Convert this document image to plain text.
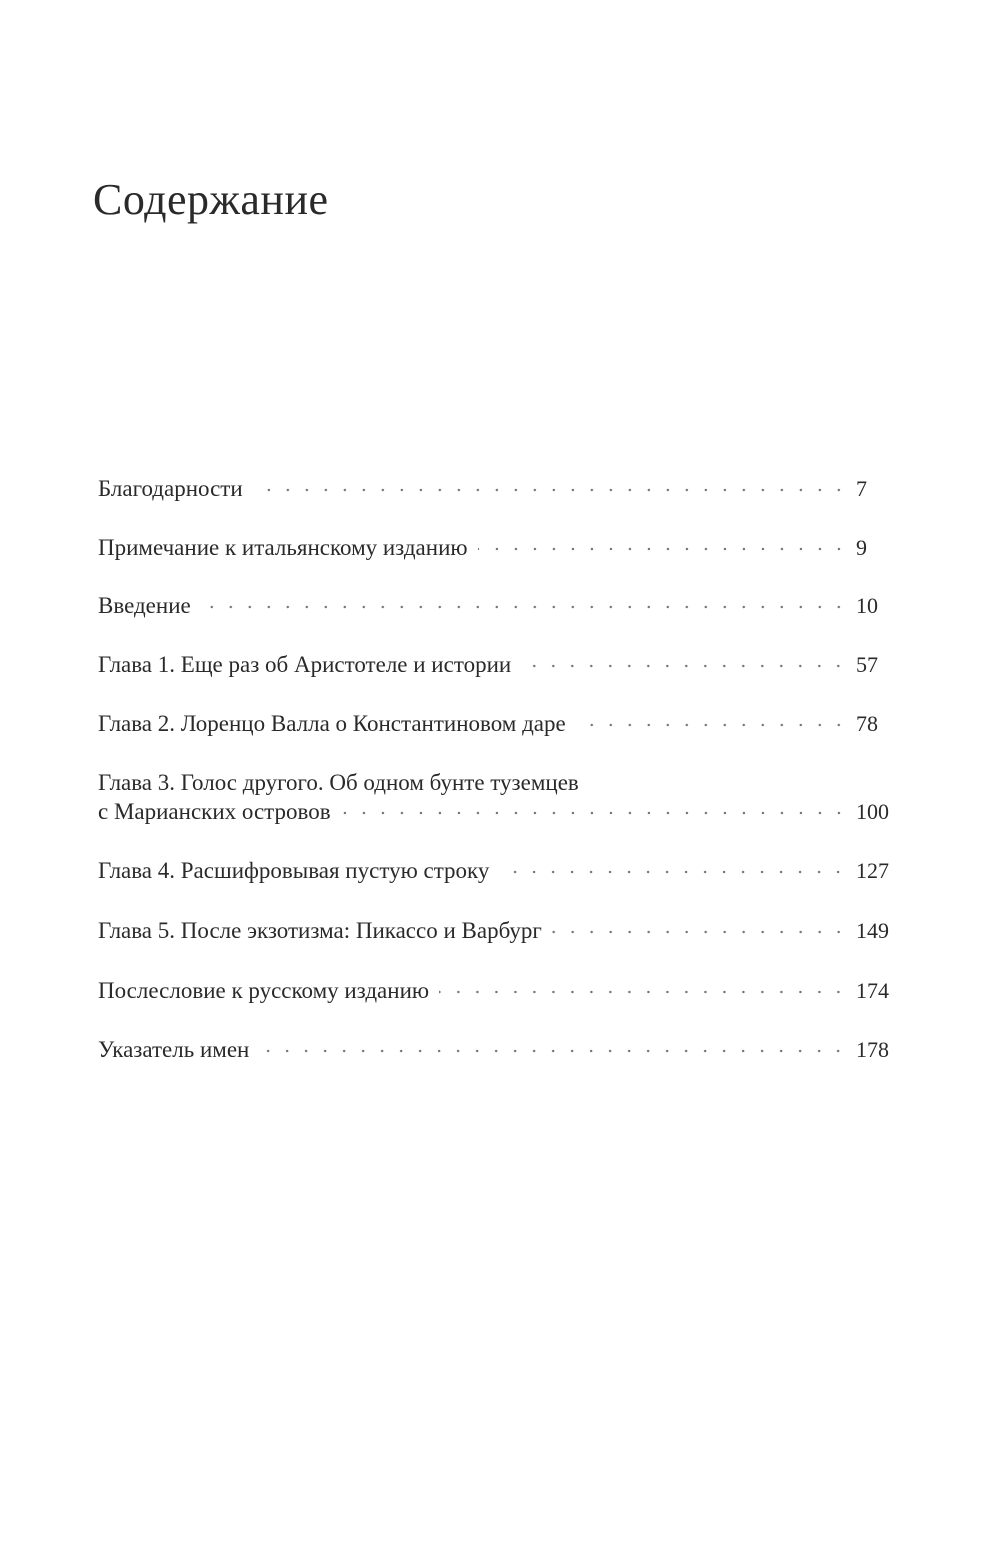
Содержание
Благодарности	7
Примечание к итальянскому изданию	9
Введение	10
Глава 1. Еще раз об Аристотеле и истории	57
Глава 2. Лоренцо Валла о Константиновом даре	78
Глава 3. Голос другого. Об одном бунте туземцев
с Марианских островов	100
Глава 4. Расшифровывая пустую строку	127
Глава 5. После экзотизма: Пикассо и Варбург	149
Послесловие к русскому изданию	174
Указатель имен	178
